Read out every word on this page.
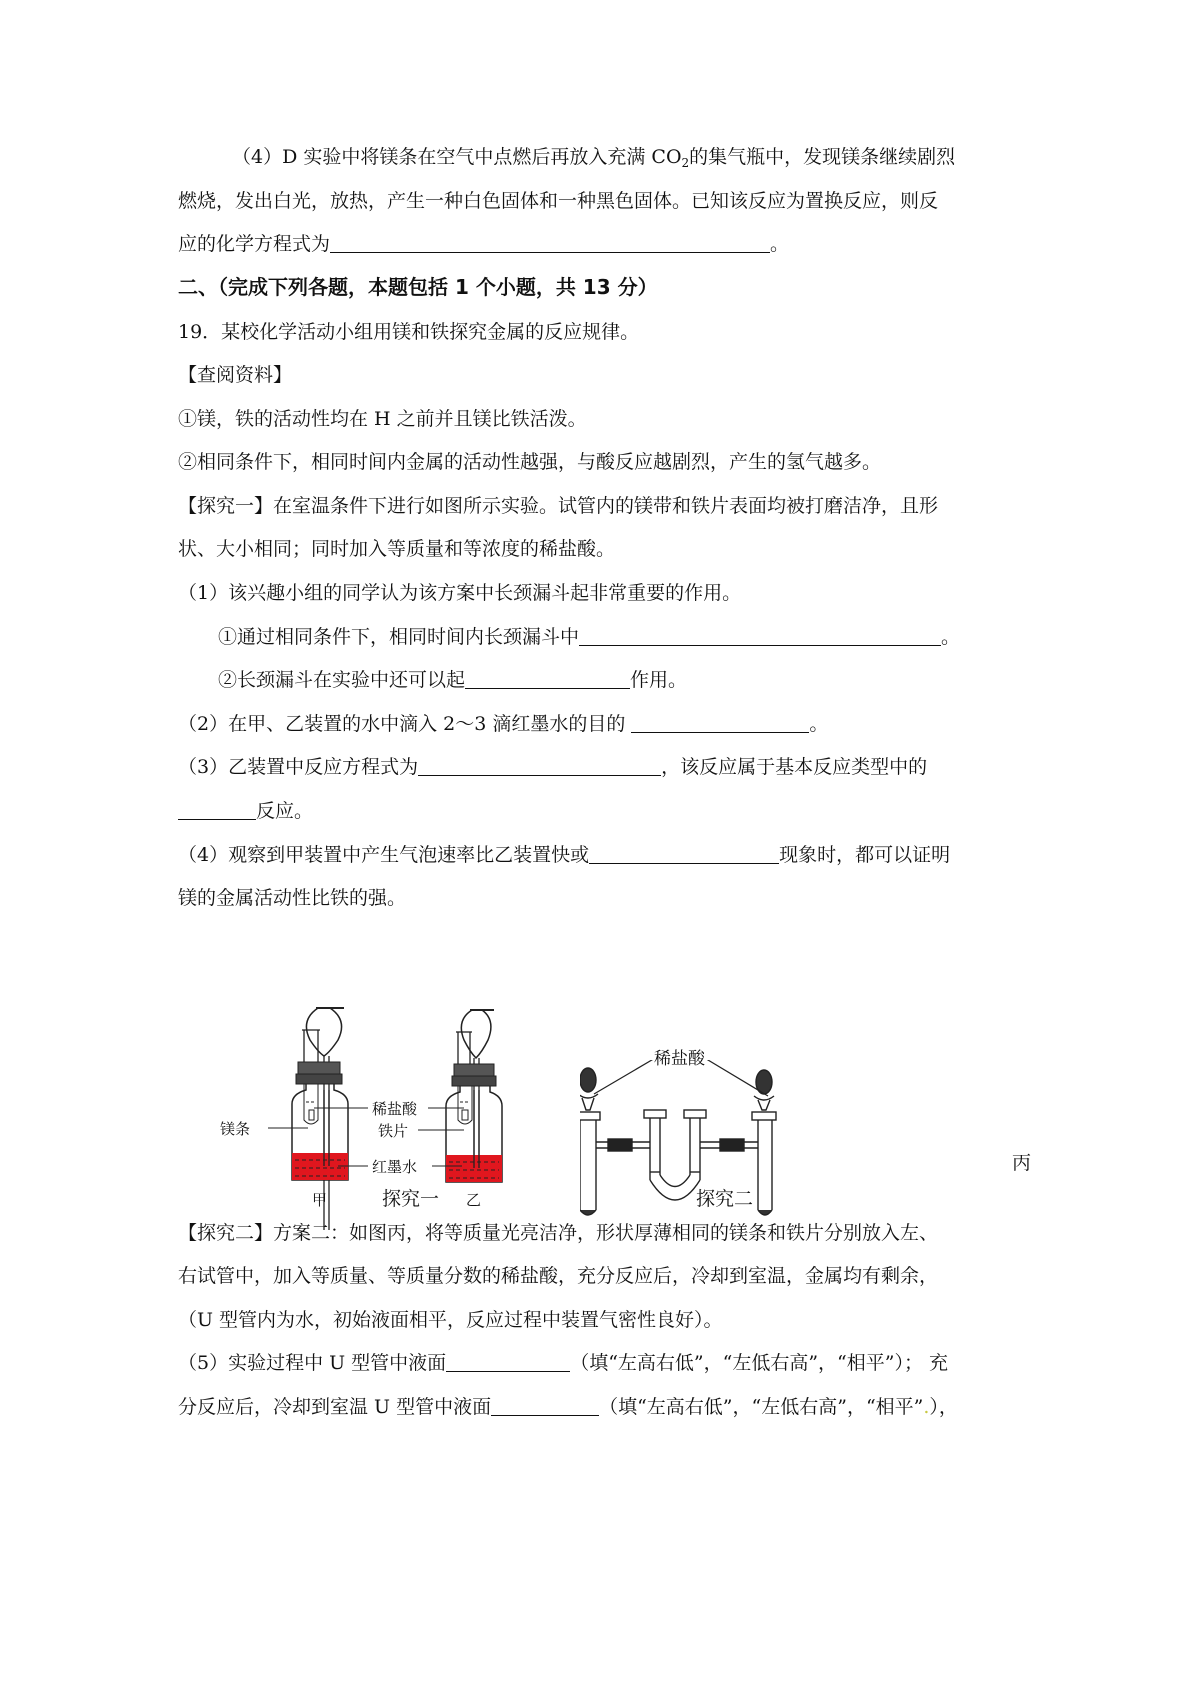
（4）D 实验中将镁条在空气中点燃后再放入充满 $CO_2$的集气瓶中，发现镁条继续剧烈
燃烧，发出白光，放热，产生一种白色固体和一种黑色固体。已知该反应为置换反应，则反
应的化学方程式为	。
二、（完成下列各题，本题包括 1 个小题，共 13 分）
19．某校化学活动小组用镁和铁探究金属的反应规律。
【查阅资料】
①镁，铁的活动性均在 H 之前并且镁比铁活泼。
②相同条件下，相同时间内金属的活动性越强，与酸反应越剧烈，产生的氢气越多。
【探究一】在室温条件下进行如图所示实验。试管内的镁带和铁片表面均被打磨洁净，且形
状、大小相同；同时加入等质量和等浓度的稀盐酸。
（1）该兴趣小组的同学认为该方案中长颈漏斗起非常重要的作用。
①通过相同条件下，相同时间内长颈漏斗中	。
②长颈漏斗在实验中还可以起	作用。
（2）在甲、乙装置的水中滴入 2～3 滴红墨水的目的	。
（3）乙装置中反应方程式为	，该反应属于基本反应类型中的
反应。
（4）观察到甲装置中产生气泡速率比乙装置快或	现象时，都可以证明
镁的金属活动性比铁的强。
镁条
稀盐酸
铁片
红墨水
甲	乙
稀盐酸
丙
探究一	探究二
【探究二】方案二：如图丙，将等质量光亮洁净，形状厚薄相同的镁条和铁片分别放入左、
右试管中，加入等质量、等质量分数的稀盐酸，充分反应后，冷却到室温，金属均有剩余，
（U 型管内为水，初始液面相平，反应过程中装置气密性良好）。
（5）实验过程中 U 型管中液面	（填“左高右低”，“左低右高”，“相平”）； 充
分反应后，冷却到室温 U 型管中液面	（填“左高右低”，“左低右高”，“相平”.），
